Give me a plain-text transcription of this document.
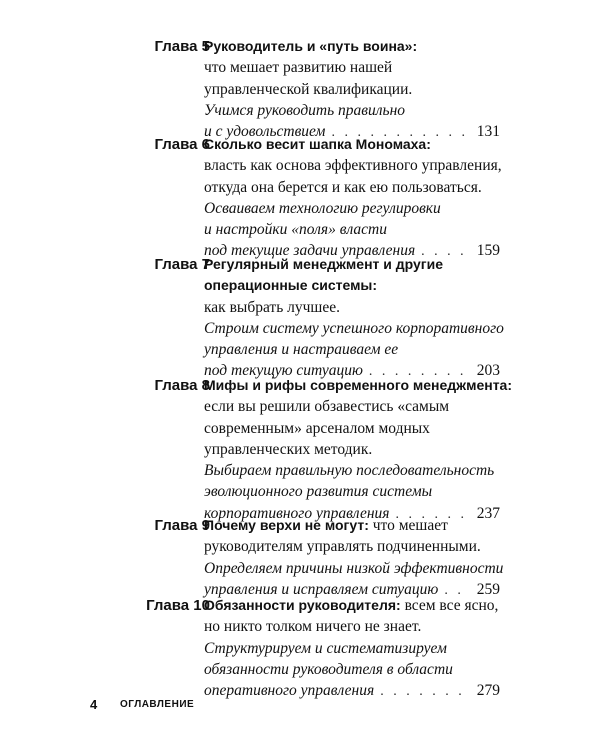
Глава 5
Руководитель и «путь воина»:
что мешает развитию нашей
управленческой квалификации.
Учимся руководить правильно
и с удовольствием . . .	131
Глава 6
Сколько весит шапка Мономаха:
власть как основа эффективного управления,
откуда она берется и как ею пользоваться.
Осваиваем технологию регулировки
и настройки «поля» власти
под текущие задачи управления . . .	159
Глава 7
Регулярный менеджмент и другие
операционные системы:
как выбрать лучшее.
Строим систему успешного корпоративного
управления и настраиваем ее
под текущую ситуацию . . .	203
Глава 8
Мифы и рифы современного менеджмента:
если вы решили обзавестись «самым
современным» арсеналом модных
управленческих методик.
Выбираем правильную последовательность
эволюционного развития системы
корпоративного управления . . .	237
Глава 9
Почему верхи не могут: что мешает
руководителям управлять подчиненными.
Определяем причины низкой эффективности
управления и исправляем ситуацию . . . 259
Глава 10
Обязанности руководителя: всем все ясно,
но никто толком ничего не знает.
Структурируем и систематизируем
обязанности руководителя в области
оперативного управления . . .	279
4 ОГЛАВЛЕНИЕ
